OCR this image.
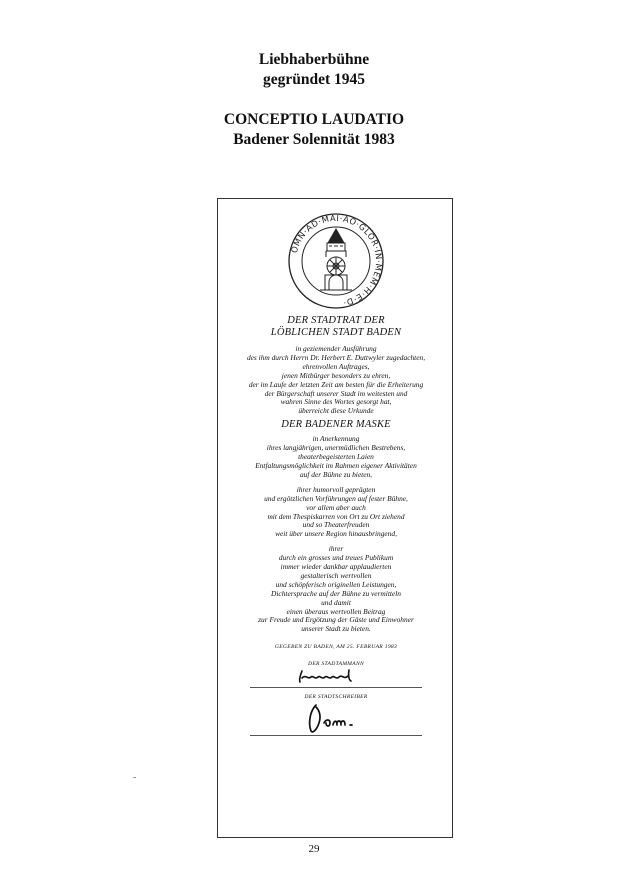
Liebhaberbühne
gegründet 1945
CONCEPTIO LAUDATIO
Badener Solennität 1983
OMN·AD·MAI·AO·GLOR·IN·MEM·H·E·D·
DER STADTRAT DER
LÖBLICHEN STADT BADEN
in geziemender Ausführung
des ihm durch Herrn Dr. Herbert E. Duttwyler zugedachten,
ehrenvollen Auftrages,
jenen Mitbürger besonders zu ehren,
der im Laufe der letzten Zeit am besten für die Erheiterung
der Bürgerschaft unserer Stadt im weitesten und
wahren Sinne des Wortes gesorgt hat,
überreicht diese Urkunde
DER BADENER MASKE
in Anerkennung
ihres langjährigen, unermüdlichen Bestrebens,
theaterbegeisterten Laien
Entfaltungsmöglichkeit im Rahmen eigener Aktivitäten
auf der Bühne zu bieten,
ihrer humorvoll geprägten
und ergötzlichen Vorführungen auf fester Bühne,
vor allem aber auch
mit dem Thespiskarren von Ort zu Ort ziehend
und so Theaterfreuden
weit über unsere Region hinausbringend,
ihrer
durch ein grosses und treues Publikum
immer wieder dankbar applaudierten
gestalterisch wertvollen
und schöpferisch originellen Leistungen,
Dichtersprache auf der Bühne zu vermitteln
und damit
einen überaus wertvollen Beitrag
zur Freude und Ergötzung der Gäste und Einwohner
unserer Stadt zu bieten.
GEGEBEN ZU BADEN, AM 25. FEBRUAR 1983
DER STADTAMMANN
DER STADTSCHREIBER
29
